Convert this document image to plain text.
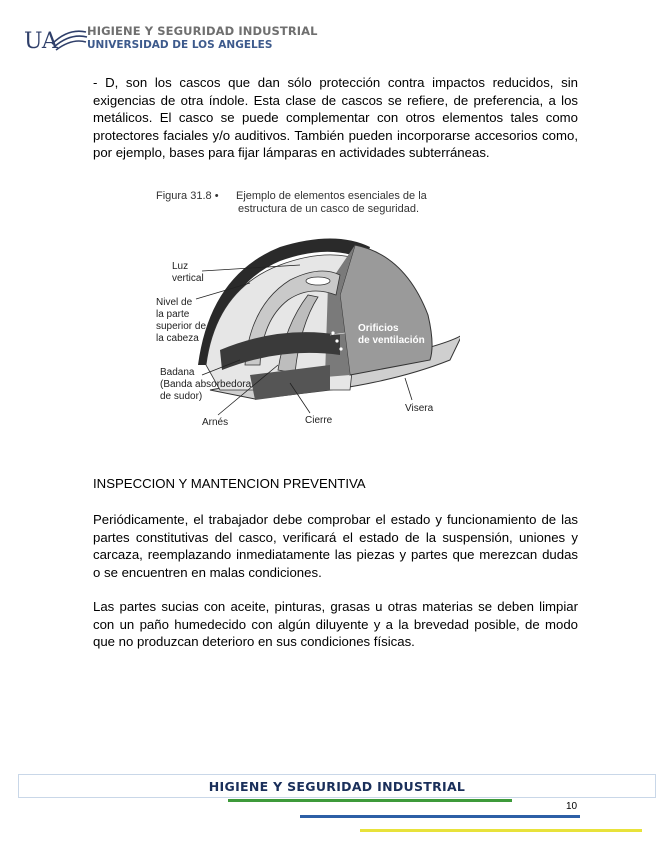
UA	HIGIENE Y SEGURIDAD INDUSTRIAL
UNIVERSIDAD DE LOS ANGELES
- D, son los cascos que dan sólo protección contra impactos reducidos, sin exigencias de otra índole. Esta clase de cascos se refiere, de preferencia, a los metálicos. El casco se puede complementar con otros elementos tales como protectores faciales y/o auditivos. También pueden incorporarse accesorios como, por ejemplo, bases para fijar lámparas en actividades subterráneas.
Figura 31.8 • Ejemplo de elementos esenciales de la
estructura de un casco de seguridad.
Luz
vertical
Nivel de
la parte
superior de
la cabeza
Badana
(Banda absorbedora
de sudor)
Arnés	Cierre
Visera
Orificios
de ventilación
INSPECCION Y MANTENCION PREVENTIVA
Periódicamente, el trabajador debe comprobar el estado y funcionamiento de las partes constitutivas del casco, verificará el estado de la suspensión, uniones y carcaza, reemplazando inmediatamente las piezas y partes que merezcan dudas o se encuentren en malas condiciones.
Las partes sucias con aceite, pinturas, grasas u otras materias se deben limpiar con un paño humedecido con algún diluyente y a la brevedad posible, de modo que no produzcan deterioro en sus condiciones físicas.
HIGIENE Y SEGURIDAD INDUSTRIAL
10
